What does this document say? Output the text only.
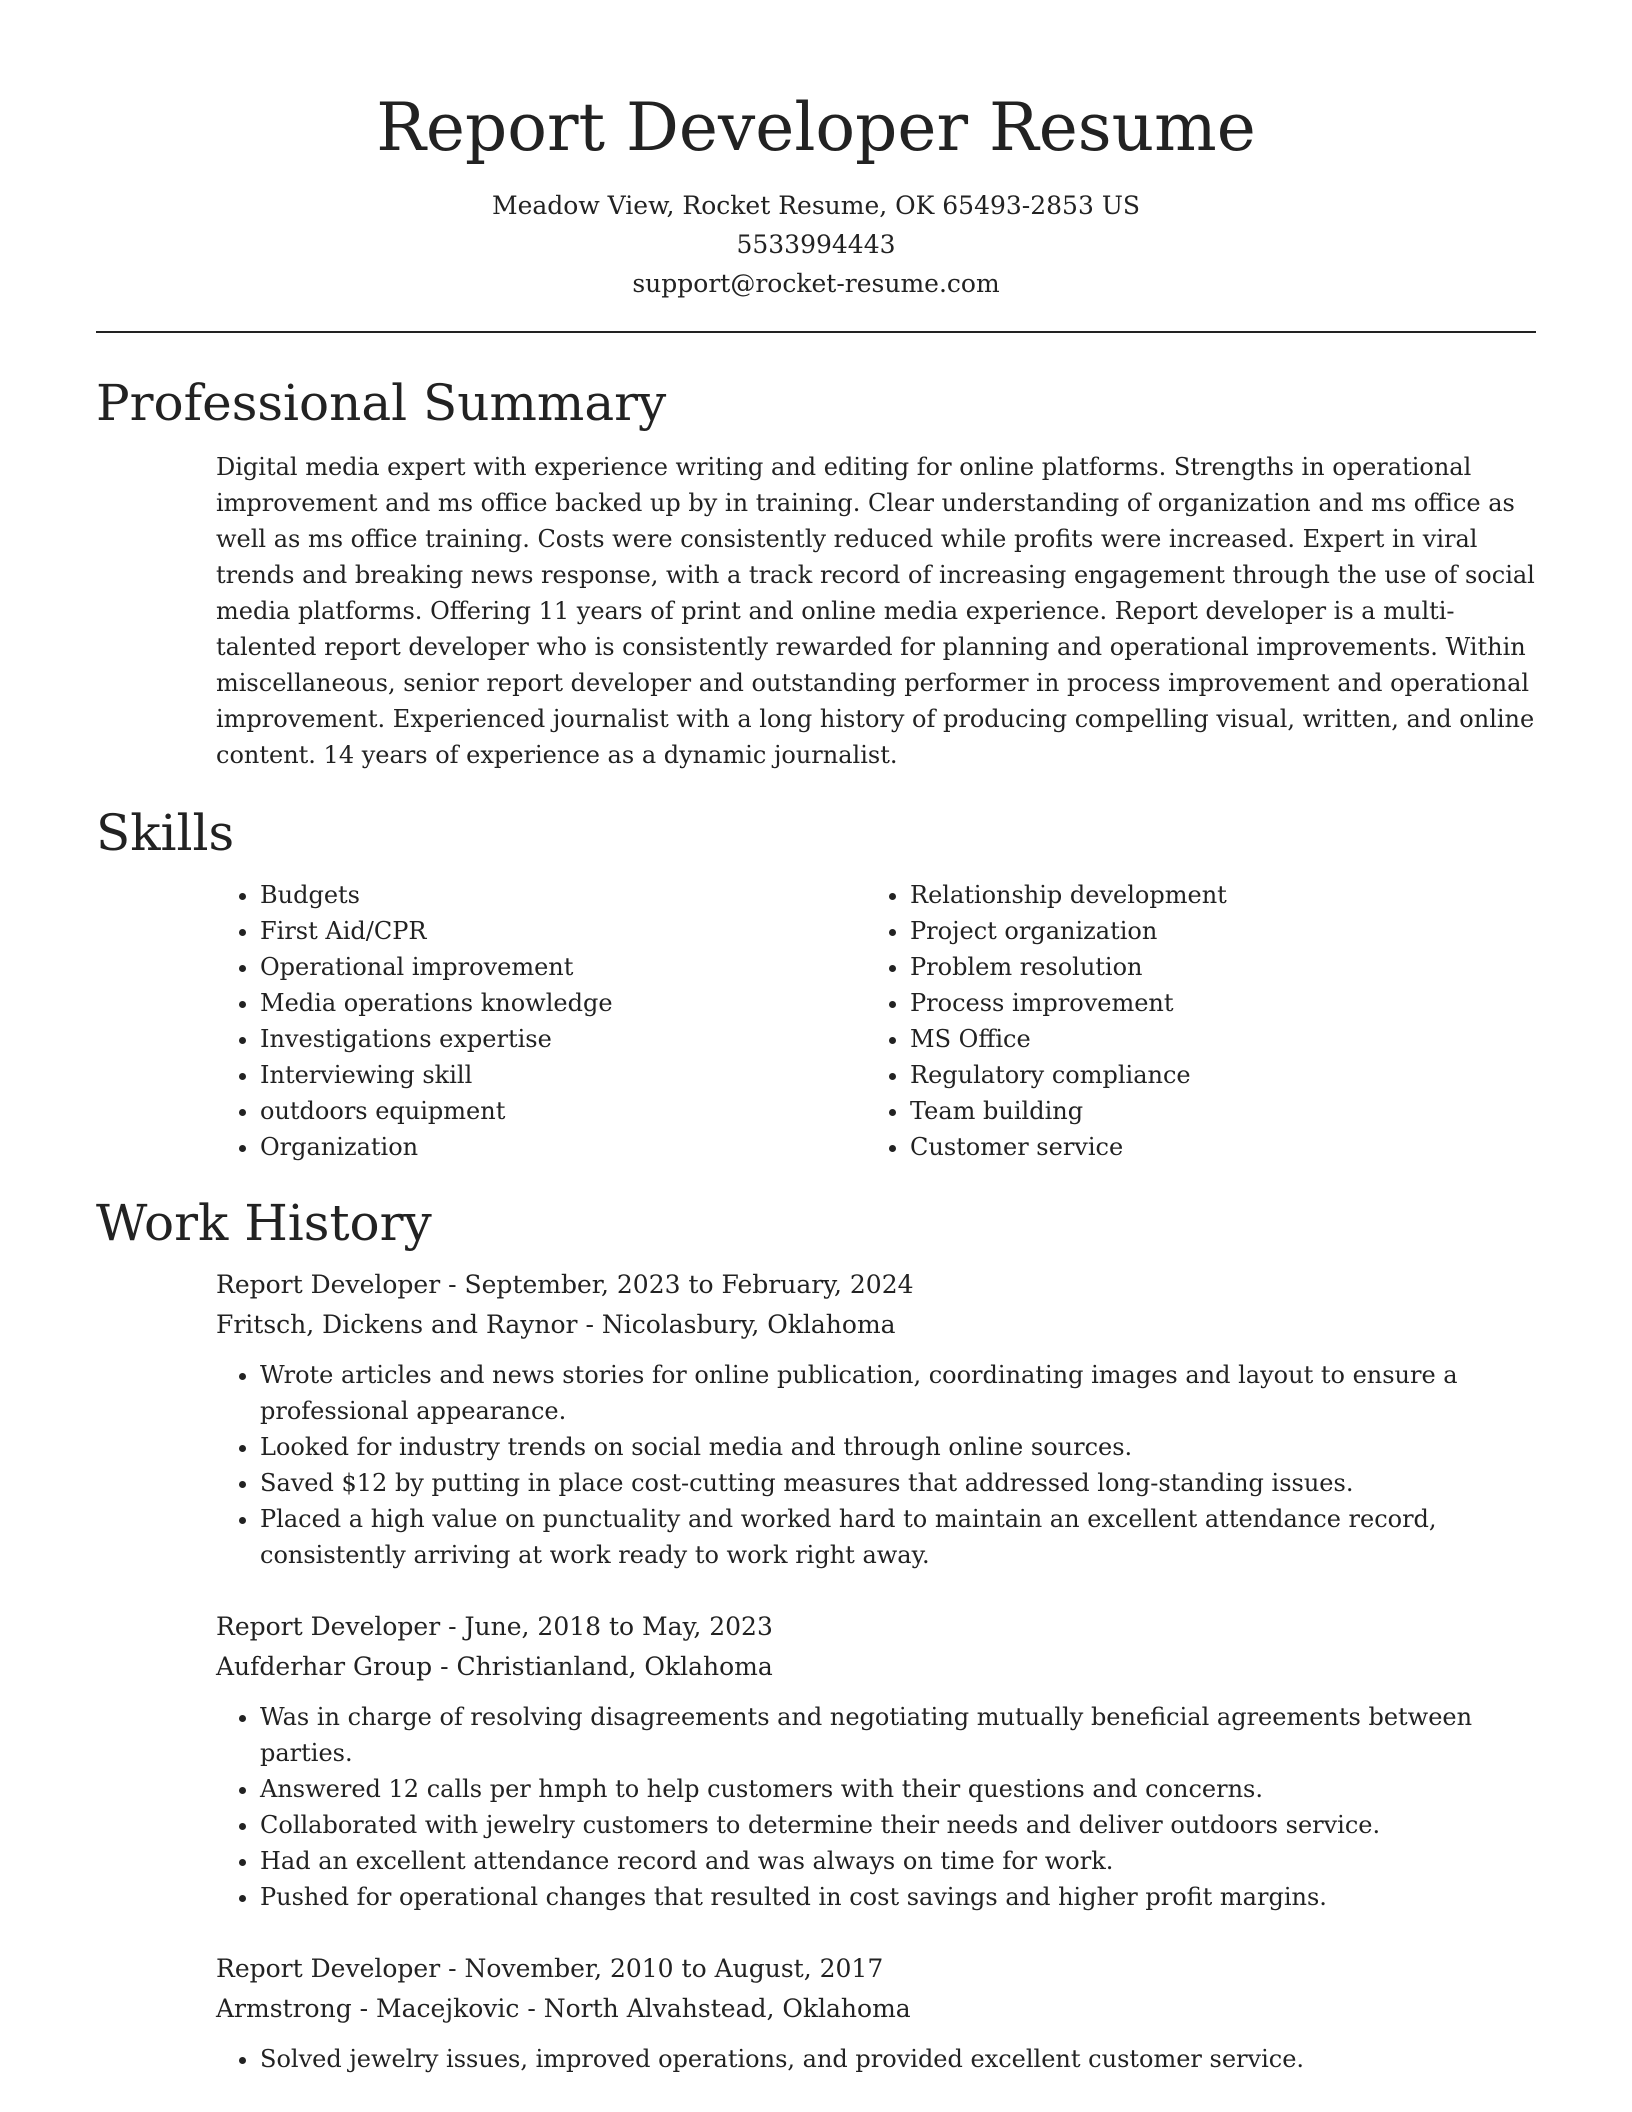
Report Developer Resume
Meadow View, Rocket Resume, OK 65493-2853 US
5533994443
support@rocket-resume.com
Professional Summary

Digital media expert with experience writing and editing for online platforms. Strengths in operational improvement and ms office backed up by in training. Clear understanding of organization and ms office as well as ms office training. Costs were consistently reduced while profits were increased. Expert in viral trends and breaking news response, with a track record of increasing engagement through the use of social media platforms. Offering 11 years of print and online media experience. Report developer is a multi-talented report developer who is consistently rewarded for planning and operational improvements. Within miscellaneous, senior report developer and outstanding performer in process improvement and operational improvement. Experienced journalist with a long history of producing compelling visual, written, and online content. 14 years of experience as a dynamic journalist.

Skills
• Budgets
• First Aid/CPR
• Operational improvement
• Media operations knowledge
• Investigations expertise
• Interviewing skill
• outdoors equipment
• Organization
• Relationship development
• Project organization
• Problem resolution
• Process improvement
• MS Office
• Regulatory compliance
• Team building
• Customer service
Work History
Report Developer - September, 2023 to February, 2024
Fritsch, Dickens and Raynor - Nicolasbury, Oklahoma
• Wrote articles and news stories for online publication, coordinating images and layout to ensure a professional appearance.
• Looked for industry trends on social media and through online sources.
• Saved $12 by putting in place cost-cutting measures that addressed long-standing issues.
• Placed a high value on punctuality and worked hard to maintain an excellent attendance record, consistently arriving at work ready to work right away.
Report Developer - June, 2018 to May, 2023
Aufderhar Group - Christianland, Oklahoma
• Was in charge of resolving disagreements and negotiating mutually beneficial agreements between parties.
• Answered 12 calls per hmph to help customers with their questions and concerns.
• Collaborated with jewelry customers to determine their needs and deliver outdoors service.
• Had an excellent attendance record and was always on time for work.
• Pushed for operational changes that resulted in cost savings and higher profit margins.
Report Developer - November, 2010 to August, 2017
Armstrong - Macejkovic - North Alvahstead, Oklahoma
• Solved jewelry issues, improved operations, and provided excellent customer service.
